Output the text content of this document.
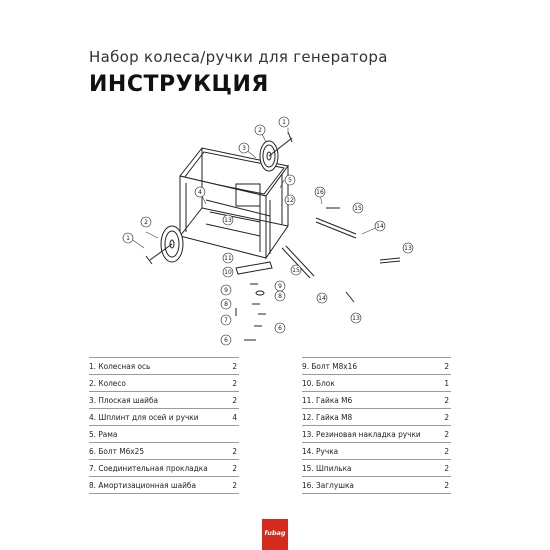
Набор колеса/ручки для генератора
ИНСТРУКЦИЯ
1
2
3
4
5
16
12
15
14
2
1
13
11
10
9
8
7
6
9
8
6
13
15
14
13
1. Колесная ось	2
2. Колесо	2
3. Плоская шайба	2
4. Шплинт для осей и ручки	4
5. Рама	
6. Болт М6х25	2
7. Соединительная прокладка	2
8. Амортизационная шайба	2
9. Болт М8х16	2
10. Блок	1
11. Гайка М6	2
12. Гайка М8	2
13. Резиновая накладка ручки	2
14. Ручка	2
15. Шпилька	2
16. Заглушка	2
fubag
